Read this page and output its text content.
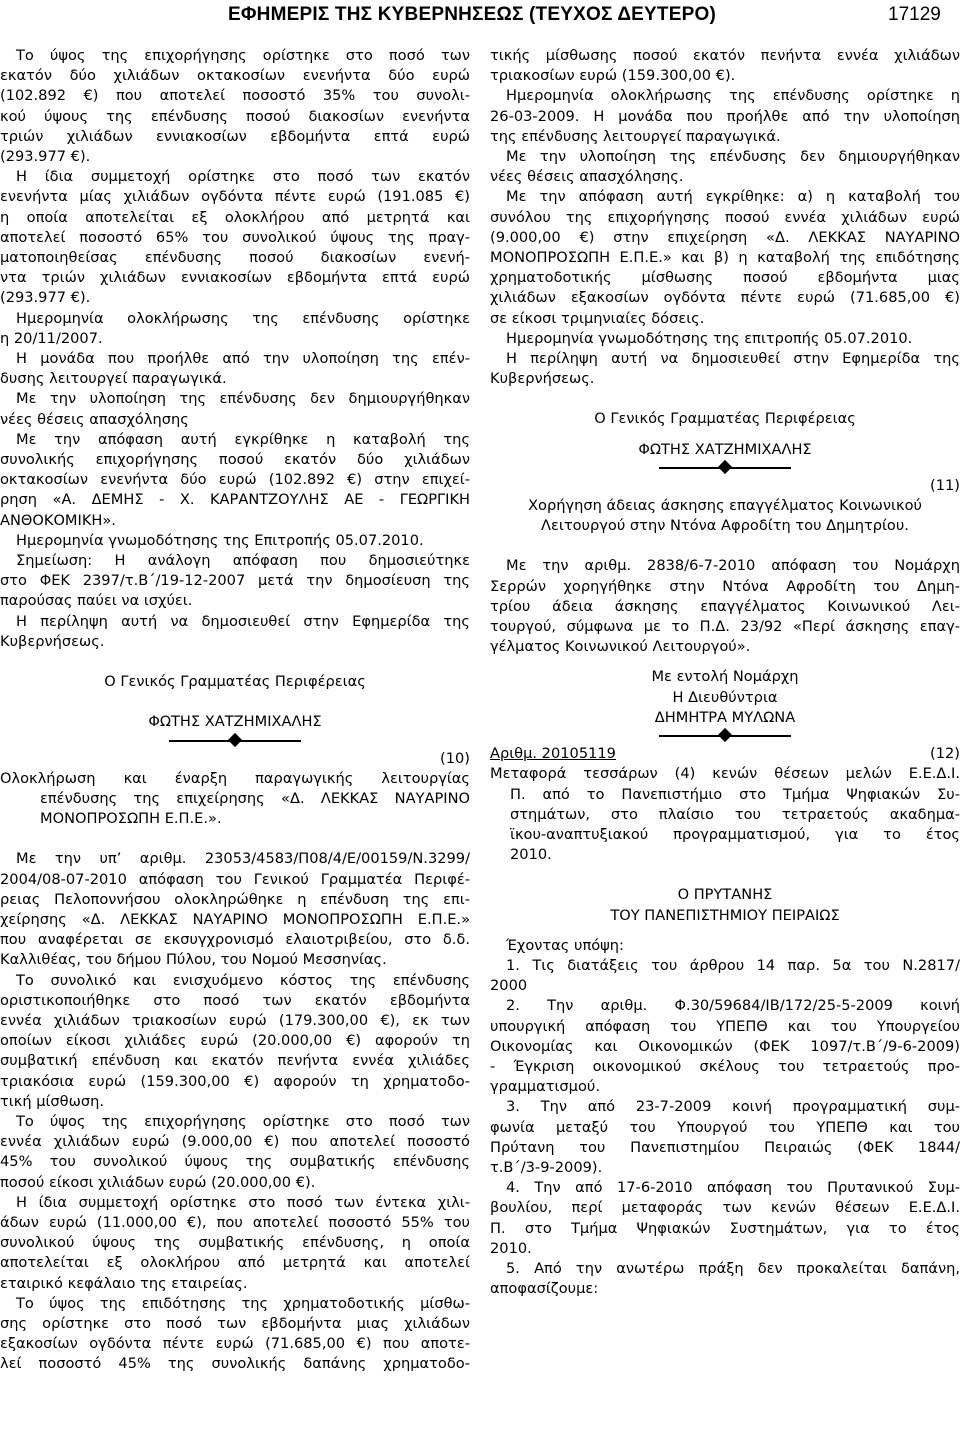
ΕΦΗΜΕΡΙΣ ΤΗΣ ΚΥΒΕΡΝΗΣΕΩΣ (ΤΕΥΧΟΣ ΔΕΥΤΕΡΟ)	17129
Το ύψος της επιχορήγησης ορίστηκε στο ποσό των
εκατόν δύο χιλιάδων οκτακοσίων ενενήντα δύο ευρώ
(102.892 €) που αποτελεί ποσοστό 35% του συνολι-
κού ύψους της επένδυσης ποσού διακοσίων ενενήντα
τριών χιλιάδων εννιακοσίων εβδομήντα επτά ευρώ
(293.977 €).
Η ίδια συμμετοχή ορίστηκε στο ποσό των εκατόν
ενενήντα μίας χιλιάδων ογδόντα πέντε ευρώ (191.085 €)
η οποία αποτελείται εξ ολοκλήρου από μετρητά και
αποτελεί ποσοστό 65% του συνολικού ύψους της πραγ-
ματοποιηθείσας επένδυσης ποσού διακοσίων ενενή-
ντα τριών χιλιάδων εννιακοσίων εβδομήντα επτά ευρώ
(293.977 €).
Ημερομηνία ολοκλήρωσης της επένδυσης ορίστηκε
η 20/11/2007.
Η μονάδα που προήλθε από την υλοποίηση της επέν-
δυσης λειτουργεί παραγωγικά.
Με την υλοποίηση της επένδυσης δεν δημιουργήθηκαν
νέες θέσεις απασχόλησης
Με την απόφαση αυτή εγκρίθηκε η καταβολή της
συνολικής επιχορήγησης ποσού εκατόν δύο χιλιάδων
οκτακοσίων ενενήντα δύο ευρώ (102.892 €) στην επιχεί-
ρηση «Α. ΔΕΜΗΣ - Χ. ΚΑΡΑΝΤΖΟΥΛΗΣ ΑΕ - ΓΕΩΡΓΙΚΗ
ΑΝΘΟΚΟΜΙΚΗ».
Ημερομηνία γνωμοδότησης της Επιτροπής 05.07.2010.
Σημείωση: Η ανάλογη απόφαση που δημοσιεύτηκε
στο ΦΕΚ 2397/τ.Β΄/19-12-2007 μετά την δημοσίευση της
παρούσας παύει να ισχύει.
Η περίληψη αυτή να δημοσιευθεί στην Εφημερίδα της
Κυβερνήσεως.
Ο Γενικός Γραμματέας Περιφέρειας
ΦΩΤΗΣ ΧΑΤΖΗΜΙΧΑΛΗΣ
(10)
Ολοκλήρωση και έναρξη παραγωγικής λειτουργίας
επένδυσης της επιχείρησης «Δ. ΛΕΚΚΑΣ ΝΑΥΑΡΙΝΟ
ΜΟΝΟΠΡΟΣΩΠΗ Ε.Π.Ε.».
Με την υπ’ αριθμ. 23053/4583/Π08/4/Ε/00159/Ν.3299/
2004/08-07-2010 απόφαση του Γενικού Γραμματέα Περιφέ-
ρειας Πελοποννήσου ολοκληρώθηκε η επένδυση της επι-
χείρησης «Δ. ΛΕΚΚΑΣ ΝΑΥΑΡΙΝΟ ΜΟΝΟΠΡΟΣΩΠΗ Ε.Π.Ε.»
που αναφέρεται σε εκσυγχρονισμό ελαιοτριβείου, στο δ.δ.
Καλλιθέας, του δήμου Πύλου, του Νομού Μεσσηνίας.
Το συνολικό και ενισχυόμενο κόστος της επένδυσης
οριστικοποιήθηκε στο ποσό των εκατόν εβδομήντα
εννέα χιλιάδων τριακοσίων ευρώ (179.300,00 €), εκ των
οποίων είκοσι χιλιάδες ευρώ (20.000,00 €) αφορούν τη
συμβατική επένδυση και εκατόν πενήντα εννέα χιλιάδες
τριακόσια ευρώ (159.300,00 €) αφορούν τη χρηματοδο-
τική μίσθωση.
Το ύψος της επιχορήγησης ορίστηκε στο ποσό των
εννέα χιλιάδων ευρώ (9.000,00 €) που αποτελεί ποσοστό
45% του συνολικού ύψους της συμβατικής επένδυσης
ποσού είκοσι χιλιάδων ευρώ (20.000,00 €).
Η ίδια συμμετοχή ορίστηκε στο ποσό των έντεκα χιλι-
άδων ευρώ (11.000,00 €), που αποτελεί ποσοστό 55% του
συνολικού ύψους της συμβατικής επένδυσης, η οποία
αποτελείται εξ ολοκλήρου από μετρητά και αποτελεί
εταιρικό κεφάλαιο της εταιρείας.
Το ύψος της επιδότησης της χρηματοδοτικής μίσθω-
σης ορίστηκε στο ποσό των εβδομήντα μιας χιλιάδων
εξακοσίων ογδόντα πέντε ευρώ (71.685,00 €) που αποτε-
λεί ποσοστό 45% της συνολικής δαπάνης χρηματοδο-
τικής μίσθωσης ποσού εκατόν πενήντα εννέα χιλιάδων
τριακοσίων ευρώ (159.300,00 €).
Ημερομηνία ολοκλήρωσης της επένδυσης ορίστηκε η
26-03-2009. Η μονάδα που προήλθε από την υλοποίηση
της επένδυσης λειτουργεί παραγωγικά.
Με την υλοποίηση της επένδυσης δεν δημιουργήθηκαν
νέες θέσεις απασχόλησης.
Με την απόφαση αυτή εγκρίθηκε: α) η καταβολή του
συνόλου της επιχορήγησης ποσού εννέα χιλιάδων ευρώ
(9.000,00 €) στην επιχείρηση «Δ. ΛΕΚΚΑΣ ΝΑΥΑΡΙΝΟ
ΜΟΝΟΠΡΟΣΩΠΗ Ε.Π.Ε.» και β) η καταβολή της επιδότησης
χρηματοδοτικής μίσθωσης ποσού εβδομήντα μιας
χιλιάδων εξακοσίων ογδόντα πέντε ευρώ (71.685,00 €)
σε είκοσι τριμηνιαίες δόσεις.
Ημερομηνία γνωμοδότησης της επιτροπής 05.07.2010.
Η περίληψη αυτή να δημοσιευθεί στην Εφημερίδα της
Κυβερνήσεως.
Ο Γενικός Γραμματέας Περιφέρειας
ΦΩΤΗΣ ΧΑΤΖΗΜΙΧΑΛΗΣ
(11)
Χορήγηση άδειας άσκησης επαγγέλματος Κοινωνικού
Λειτουργού στην Ντόνα Αφροδίτη του Δημητρίου.
Με την αριθμ. 2838/6-7-2010 απόφαση του Νομάρχη
Σερρών χορηγήθηκε στην Ντόνα Αφροδίτη του Δημη-
τρίου άδεια άσκησης επαγγέλματος Κοινωνικού Λει-
τουργού, σύμφωνα με το Π.Δ. 23/92 «Περί άσκησης επαγ-
γέλματος Κοινωνικού Λειτουργού».
Με εντολή Νομάρχη
Η Διευθύντρια
ΔΗΜΗΤΡΑ ΜΥΛΩΝΑ
Αριθμ. 20105119	(12)
Μεταφορά τεσσάρων (4) κενών θέσεων μελών Ε.Ε.Δ.Ι.
Π. από το Πανεπιστήμιο στο Τμήμα Ψηφιακών Συ-
στημάτων, στο πλαίσιο του τετραετούς ακαδημα-
ϊκου-αναπτυξιακού προγραμματισμού, για το έτος
2010.
Ο ΠΡΥΤΑΝΗΣ
ΤΟΥ ΠΑΝΕΠΙΣΤΗΜΙΟΥ ΠΕΙΡΑΙΩΣ
Έχοντας υπόψη:
1. Τις διατάξεις του άρθρου 14 παρ. 5α του Ν.2817/
2000
2. Την αριθμ. Φ.30/59684/ΙΒ/172/25-5-2009 κοινή
υπουργική απόφαση του ΥΠΕΠΘ και του Υπουργείου
Οικονομίας και Οικονομικών (ΦΕΚ 1097/τ.Β΄/9-6-2009)
- Έγκριση οικονομικού σκέλους του τετραετούς προ-
γραμματισμού.
3. Την από 23-7-2009 κοινή προγραμματική συμ-
φωνία μεταξύ του Υπουργού του ΥΠΕΠΘ και του
Πρύτανη του Πανεπιστημίου Πειραιώς (ΦΕΚ 1844/
τ.Β΄/3-9-2009).
4. Την από 17-6-2010 απόφαση του Πρυτανικού Συμ-
βουλίου, περί μεταφοράς των κενών θέσεων Ε.Ε.Δ.Ι.
Π. στο Τμήμα Ψηφιακών Συστημάτων, για το έτος
2010.
5. Από την ανωτέρω πράξη δεν προκαλείται δαπάνη,
αποφασίζουμε:
